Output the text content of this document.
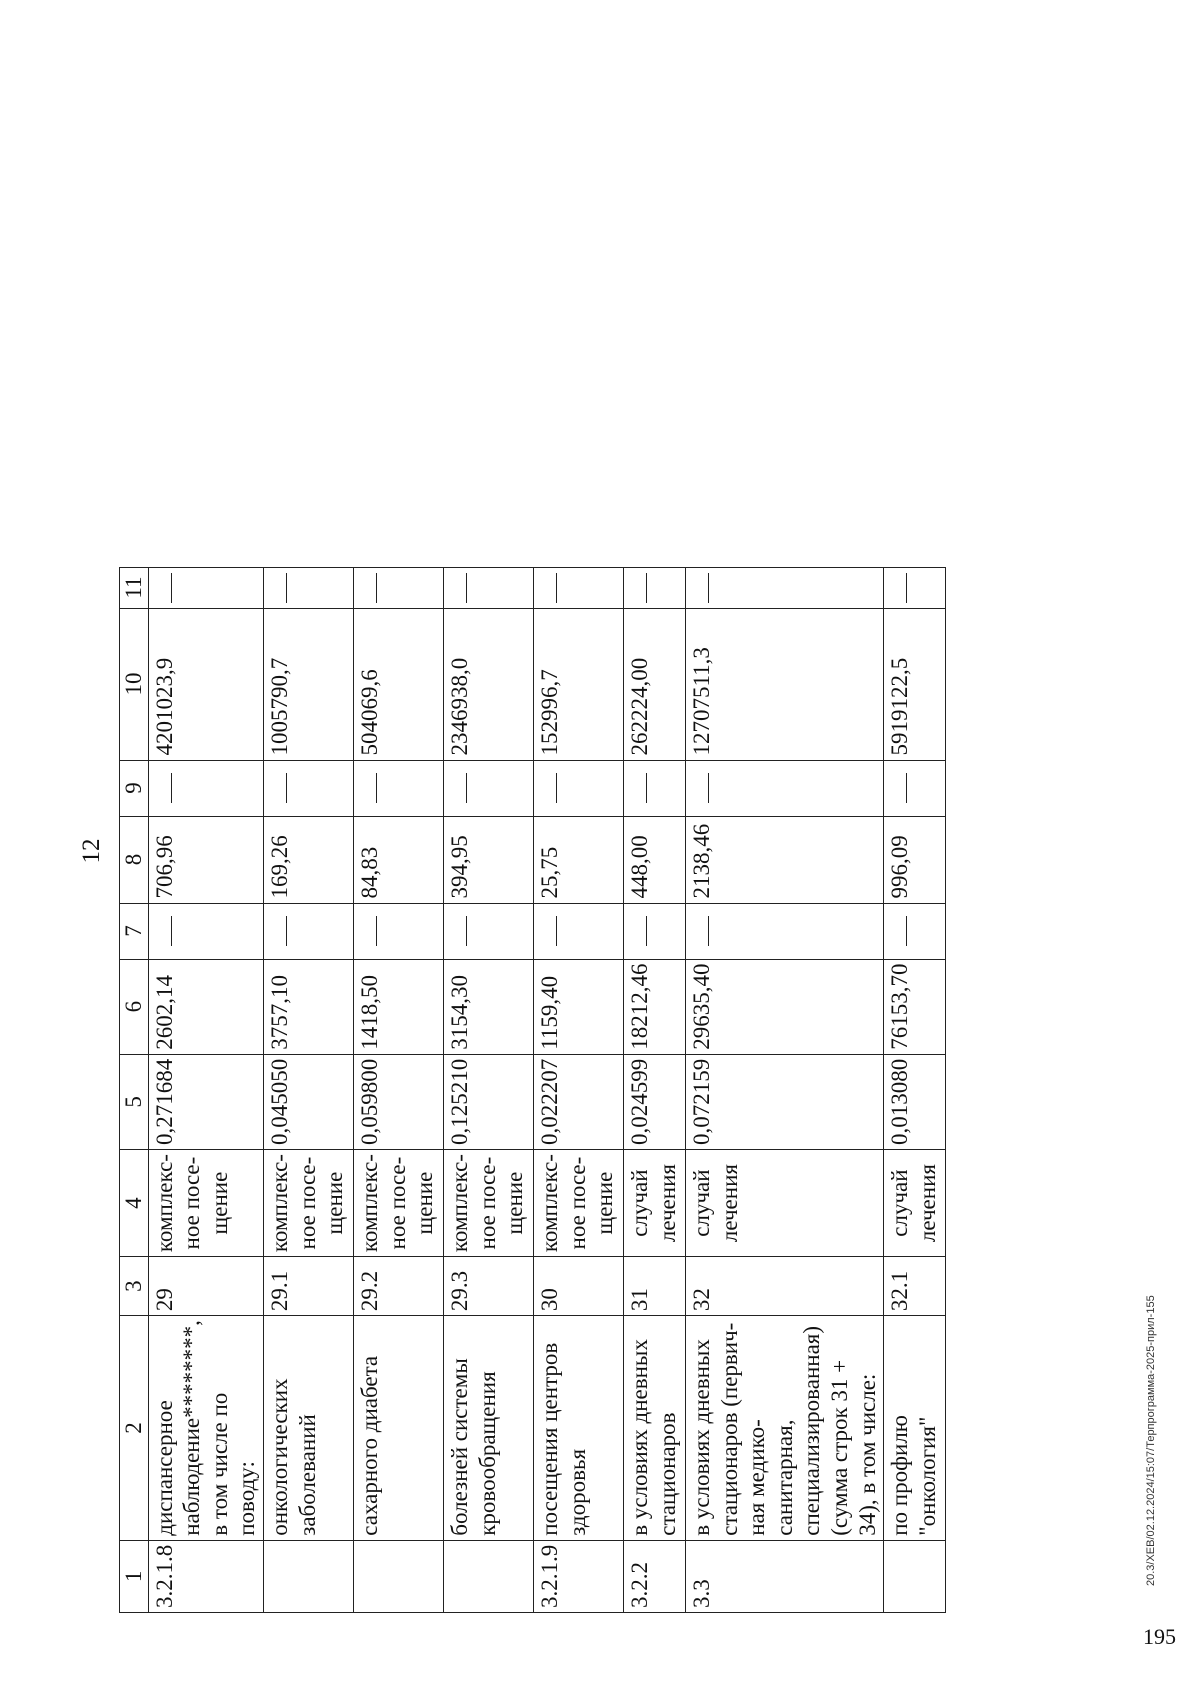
12
1	2	3	4	5	6	7	8	9	10	11
3.2.1.8	диспансерное наблюдение********, в том числе по поводу:	29	комплекс-ное посе-щение	0,271684	2602,14		706,96		4201023,9	
	онкологических заболеваний	29.1	комплекс-ное посе-щение	0,045050	3757,10		169,26		1005790,7	
	сахарного диабета	29.2	комплекс-ное посе-щение	0,059800	1418,50		84,83		504069,6	
	болезней системы кровообращения	29.3	комплекс-ное посе-щение	0,125210	3154,30		394,95		2346938,0	
3.2.1.9	посещения центров здоровья	30	комплекс-ное посе-щение	0,022207	1159,40		25,75		152996,7	
3.2.2	в условиях дневных стационаров	31	случай лечения	0,024599	18212,46		448,00		262224,00	
3.3	в условиях дневных стационаров (первич-ная медико-санитарная, специализированная) (сумма строк 31 + 34), в том числе:	32	случай лечения	0,072159	29635,40		2138,46		12707511,3	
	по профилю "онкология"	32.1	случай лечения	0,013080	76153,70		996,09		5919122,5	
20.3/ХЕВ/02.12.2024/15:07/Терпрограмма-2025-прил-155
195
